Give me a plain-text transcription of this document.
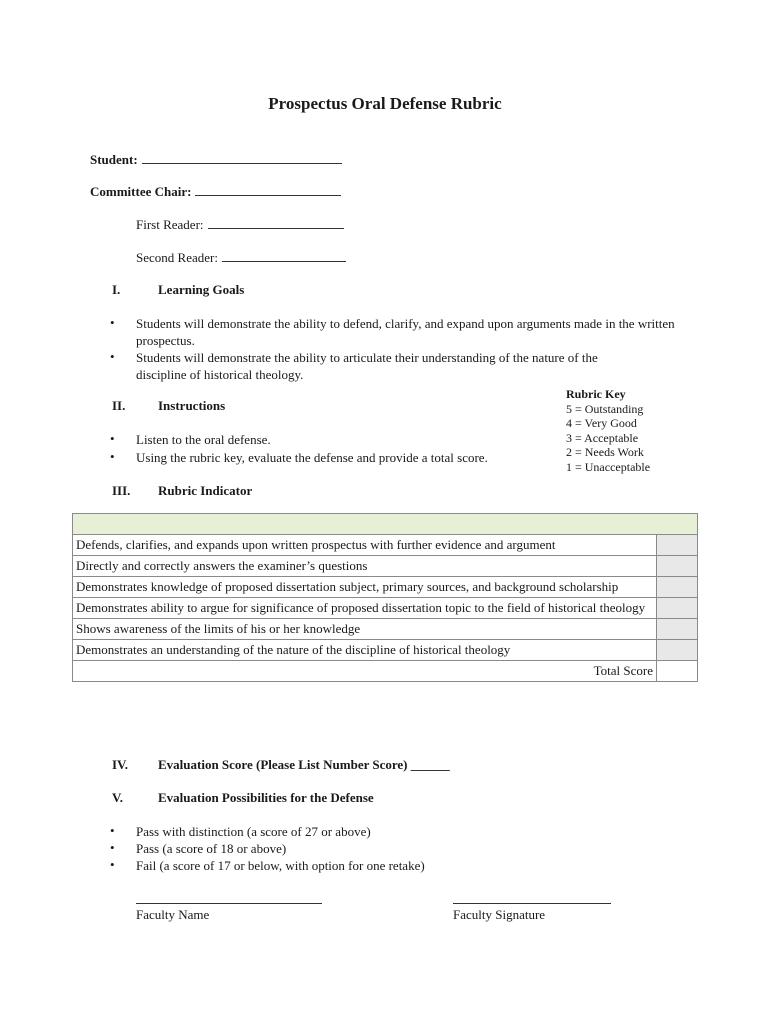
Prospectus Oral Defense Rubric
Student:
Committee Chair:
First Reader:
Second Reader:
I.	Learning Goals
•	Students will demonstrate the ability to defend, clarify, and expand upon arguments made in the written prospectus.
•	Students will demonstrate the ability to articulate their understanding of the nature of the discipline of historical theology.
II.	Instructions
•	Listen to the oral defense.
•	Using the rubric key, evaluate the defense and provide a total score.
Rubric Key
5 = Outstanding
4 = Very Good
3 = Acceptable
2 = Needs Work
1 = Unacceptable
III. Rubric Indicator

Defends, clarifies, and expands upon written prospectus with further evidence and argument	
Directly and correctly answers the examiner’s questions	
Demonstrates knowledge of proposed dissertation subject, primary sources, and background scholarship	
Demonstrates ability to argue for significance of proposed dissertation topic to the field of historical theology	
Shows awareness of the limits of his or her knowledge	
Demonstrates an understanding of the nature of the discipline of historical theology	
Total Score	
IV. Evaluation Score (Please List Number Score) ______
V.	Evaluation Possibilities for the Defense
•	Pass with distinction (a score of 27 or above)
•	Pass (a score of 18 or above)
•	Fail (a score of 17 or below, with option for one retake)
Faculty Name	Faculty Signature
